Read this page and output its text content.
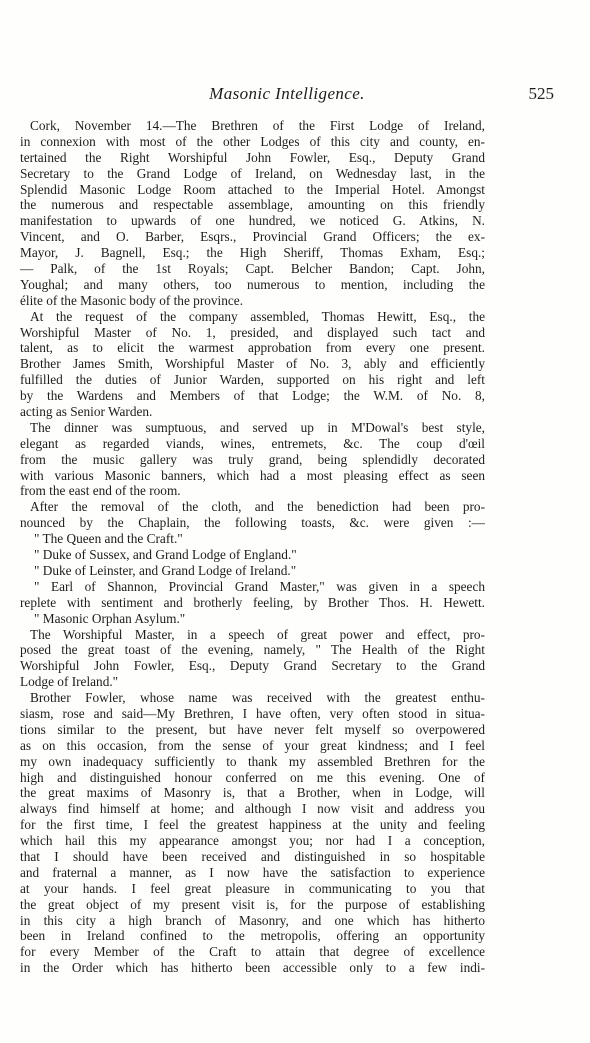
Masonic Intelligence.	525
Cork, November 14.—The Brethren of the First Lodge of Ireland,
in connexion with most of the other Lodges of this city and county, en-
tertained the Right Worshipful John Fowler, Esq., Deputy Grand
Secretary to the Grand Lodge of Ireland, on Wednesday last, in the
Splendid Masonic Lodge Room attached to the Imperial Hotel. Amongst
the numerous and respectable assemblage, amounting on this friendly
manifestation to upwards of one hundred, we noticed G. Atkins, N.
Vincent, and O. Barber, Esqrs., Provincial Grand Officers; the ex-
Mayor, J. Bagnell, Esq.; the High Sheriff, Thomas Exham, Esq.;
— Palk, of the 1st Royals; Capt. Belcher Bandon; Capt. John,
Youghal; and many others, too numerous to mention, including the
élite of the Masonic body of the province.
At the request of the company assembled, Thomas Hewitt, Esq., the
Worshipful Master of No. 1, presided, and displayed such tact and
talent, as to elicit the warmest approbation from every one present.
Brother James Smith, Worshipful Master of No. 3, ably and efficiently
fulfilled the duties of Junior Warden, supported on his right and left
by the Wardens and Members of that Lodge; the W.M. of No. 8,
acting as Senior Warden.
The dinner was sumptuous, and served up in M'Dowal's best style,
elegant as regarded viands, wines, entremets, &c. The coup d'œil
from the music gallery was truly grand, being splendidly decorated
with various Masonic banners, which had a most pleasing effect as seen
from the east end of the room.
After the removal of the cloth, and the benediction had been pro-
nounced by the Chaplain, the following toasts, &c. were given :—
" The Queen and the Craft."
" Duke of Sussex, and Grand Lodge of England."
" Duke of Leinster, and Grand Lodge of Ireland."
" Earl of Shannon, Provincial Grand Master," was given in a speech
replete with sentiment and brotherly feeling, by Brother Thos. H. Hewett.
" Masonic Orphan Asylum."
The Worshipful Master, in a speech of great power and effect, pro-
posed the great toast of the evening, namely, " The Health of the Right
Worshipful John Fowler, Esq., Deputy Grand Secretary to the Grand
Lodge of Ireland."
Brother Fowler, whose name was received with the greatest enthu-
siasm, rose and said—My Brethren, I have often, very often stood in situa-
tions similar to the present, but have never felt myself so overpowered
as on this occasion, from the sense of your great kindness; and I feel
my own inadequacy sufficiently to thank my assembled Brethren for the
high and distinguished honour conferred on me this evening. One of
the great maxims of Masonry is, that a Brother, when in Lodge, will
always find himself at home; and although I now visit and address you
for the first time, I feel the greatest happiness at the unity and feeling
which hail this my appearance amongst you; nor had I a conception,
that I should have been received and distinguished in so hospitable
and fraternal a manner, as I now have the satisfaction to experience
at your hands. I feel great pleasure in communicating to you that
the great object of my present visit is, for the purpose of establishing
in this city a high branch of Masonry, and one which has hitherto
been in Ireland confined to the metropolis, offering an opportunity
for every Member of the Craft to attain that degree of excellence
in the Order which has hitherto been accessible only to a few indi-
